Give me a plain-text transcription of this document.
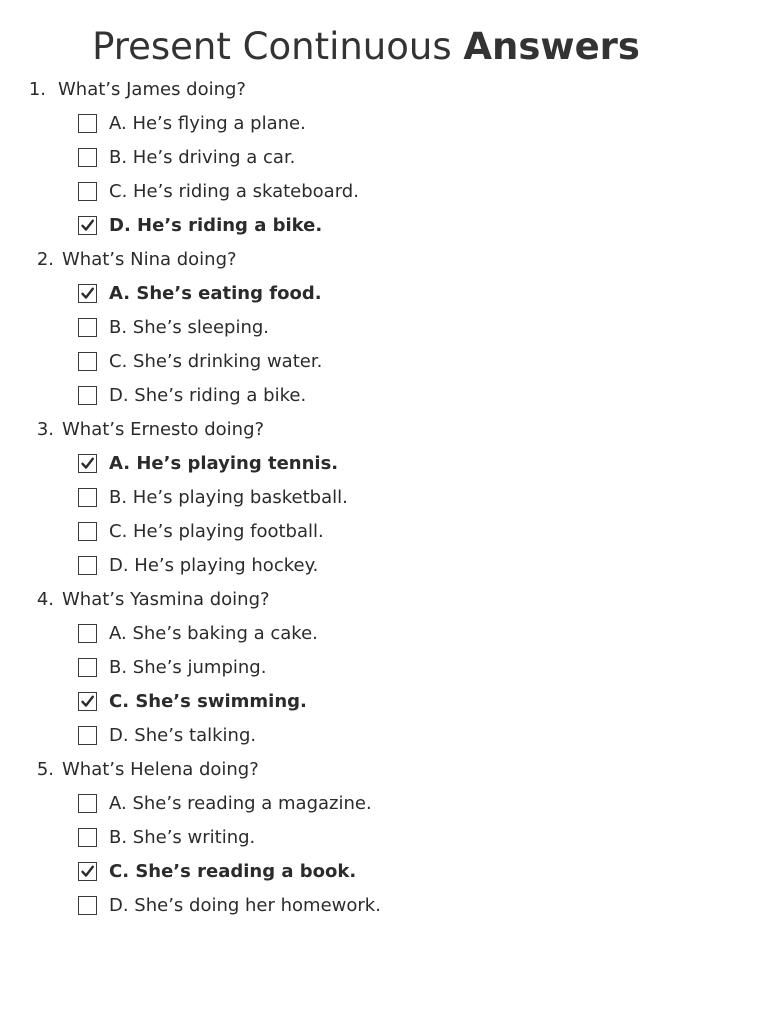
Present Continuous Answers
1. What’s James doing?
A. He’s flying a plane.
B. He’s driving a car.
C. He’s riding a skateboard.
D. He’s riding a bike.
2. What’s Nina doing?
A. She’s eating food.
B. She’s sleeping.
C. She’s drinking water.
D. She’s riding a bike.
3. What’s Ernesto doing?
A. He’s playing tennis.
B. He’s playing basketball.
C. He’s playing football.
D. He’s playing hockey.
4. What’s Yasmina doing?
A. She’s baking a cake.
B. She’s jumping.
C. She’s swimming.
D. She’s talking.
5. What’s Helena doing?
A. She’s reading a magazine.
B. She’s writing.
C. She’s reading a book.
D. She’s doing her homework.
